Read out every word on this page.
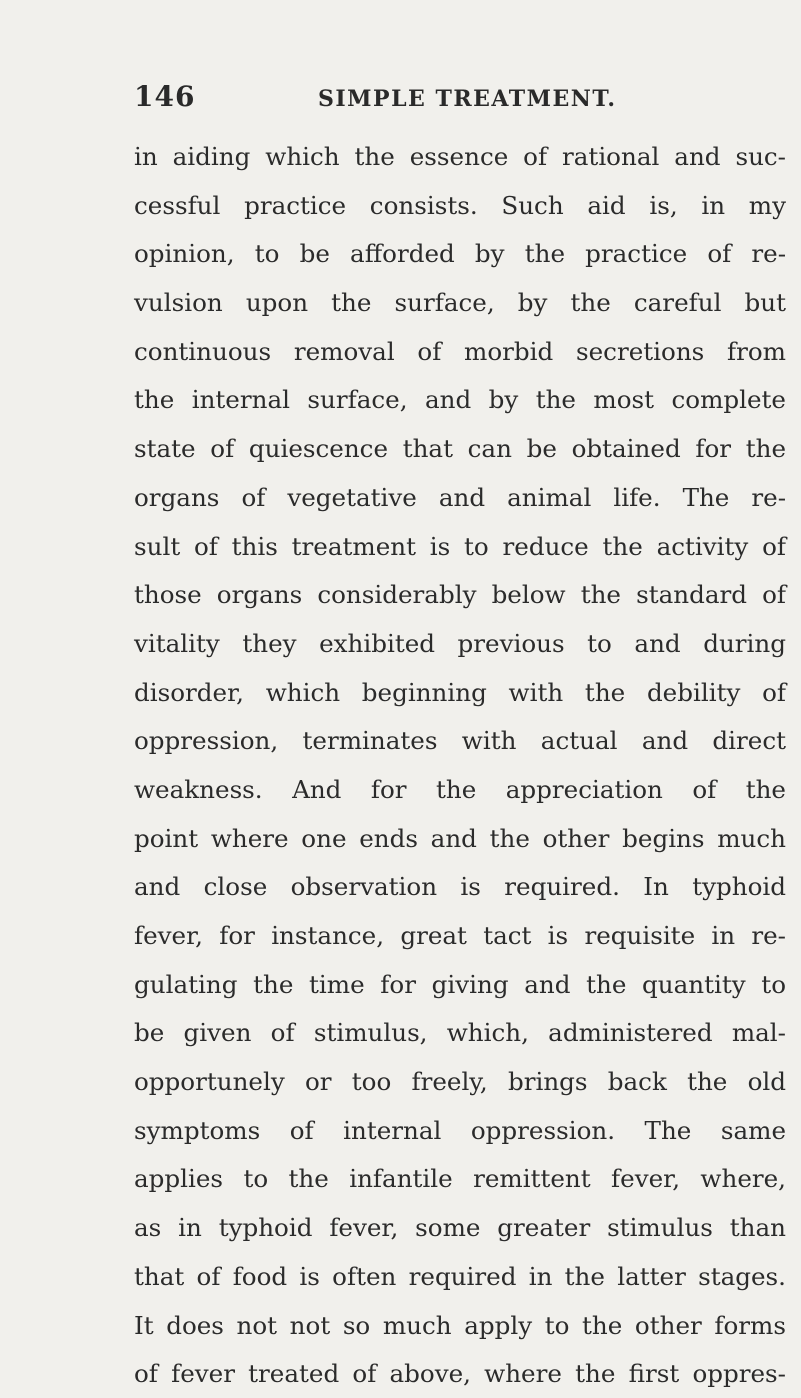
146	SIMPLE TREATMENT.
in aiding which the essence of rational and suc-
cessful practice consists. Such aid is, in my
opinion, to be afforded by the practice of re-
vulsion upon the surface, by the careful but
continuous removal of morbid secretions from
the internal surface, and by the most complete
state of quiescence that can be obtained for the
organs of vegetative and animal life. The re-
sult of this treatment is to reduce the activity of
those organs considerably below the standard of
vitality they exhibited previous to and during
disorder, which beginning with the debility of
oppression, terminates with actual and direct
weakness. And for the appreciation of the
point where one ends and the other begins much
and close observation is required. In typhoid
fever, for instance, great tact is requisite in re-
gulating the time for giving and the quantity to
be given of stimulus, which, administered mal-
opportunely or too freely, brings back the old
symptoms of internal oppression. The same
applies to the infantile remittent fever, where,
as in typhoid fever, some greater stimulus than
that of food is often required in the latter stages.
It does not not so much apply to the other forms
of fever treated of above, where the first oppres-
